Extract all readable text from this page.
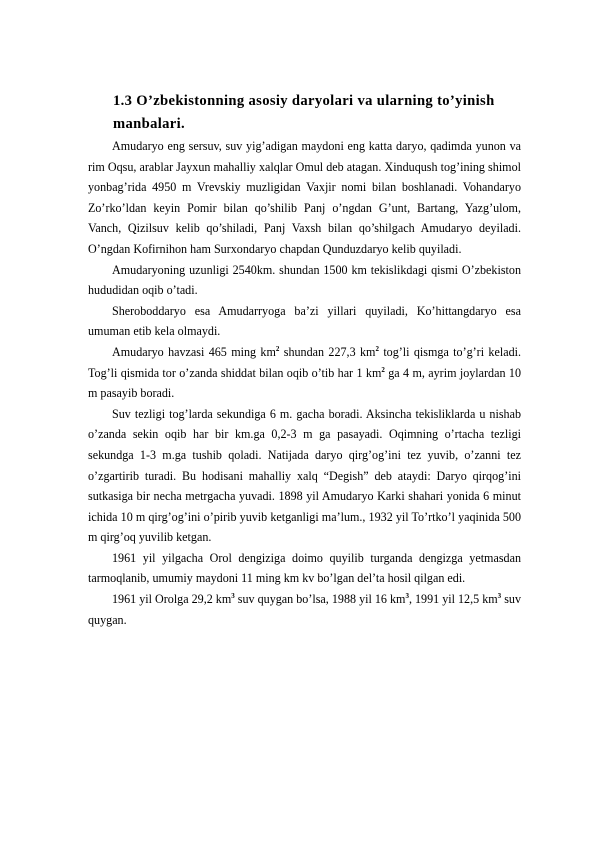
1.3 O’zbekistonning asosiy daryolari va ularning to’yinish
manbalari.

Amudaryo eng sersuv, suv yig’adigan maydoni eng katta daryo, qadimda yunon va rim Oqsu, arablar Jayxun mahalliy xalqlar Omul deb atagan. Xinduqush tog’ining shimol yonbag’rida 4950 m Vrevskiy muzligidan Vaxjir nomi bilan boshlanadi. Vohandaryo Zo’rko’ldan keyin Pomir bilan qo’shilib Panj o’ngdan G’unt, Bartang, Yazg’ulom, Vanch, Qizilsuv kelib qo’shiladi, Panj Vaxsh bilan qo’shilgach Amudaryo deyiladi. O’ngdan Kofirnihon ham Surxondaryo chapdan Qunduzdaryo kelib quyiladi.

Amudaryoning uzunligi 2540km. shundan 1500 km tekislikdagi qismi O’zbekiston hududidan oqib o’tadi.

Sheroboddaryo esa Amudarryoga ba’zi yillari quyiladi, Ko’hittangdaryo esa umuman etib kela olmaydi.

Amudaryo havzasi 465 ming $km^2$ shundan 227,3 $km^2$ tog’li qismga to’g’ri keladi. Tog’li qismida tor o’zanda shiddat bilan oqib o’tib har 1 $km^2$ ga 4 m, ayrim joylardan 10 m pasayib boradi.

Suv tezligi tog’larda sekundiga 6 m. gacha boradi. Aksincha tekisliklarda u nishab o’zanda sekin oqib har bir km.ga 0,2-3 m ga pasayadi. Oqimning o’rtacha tezligi sekundga 1-3 m.ga tushib qoladi. Natijada daryo qirg’og’ini tez yuvib, o’zanni tez o’zgartirib turadi. Bu hodisani mahalliy xalq “Degish” deb ataydi: Daryo qirqog’ini sutkasiga bir necha metrgacha yuvadi. 1898 yil Amudaryo Karki shahari yonida 6 minut ichida 10 m qirg’og’ini o’pirib yuvib ketganligi ma’lum., 1932 yil To’rtko’l yaqinida 500 m qirg’oq yuvilib ketgan.

1961 yil yilgacha Orol dengiziga doimo quyilib turganda dengizga yetmasdan tarmoqlanib, umumiy maydoni 11 ming km kv bo’lgan del’ta hosil qilgan edi.

1961 yil Orolga 29,2 $km^3$ suv quygan bo’lsa, 1988 yil 16 $km^3$, 1991 yil 12,5 $km^3$ suv quygan.
